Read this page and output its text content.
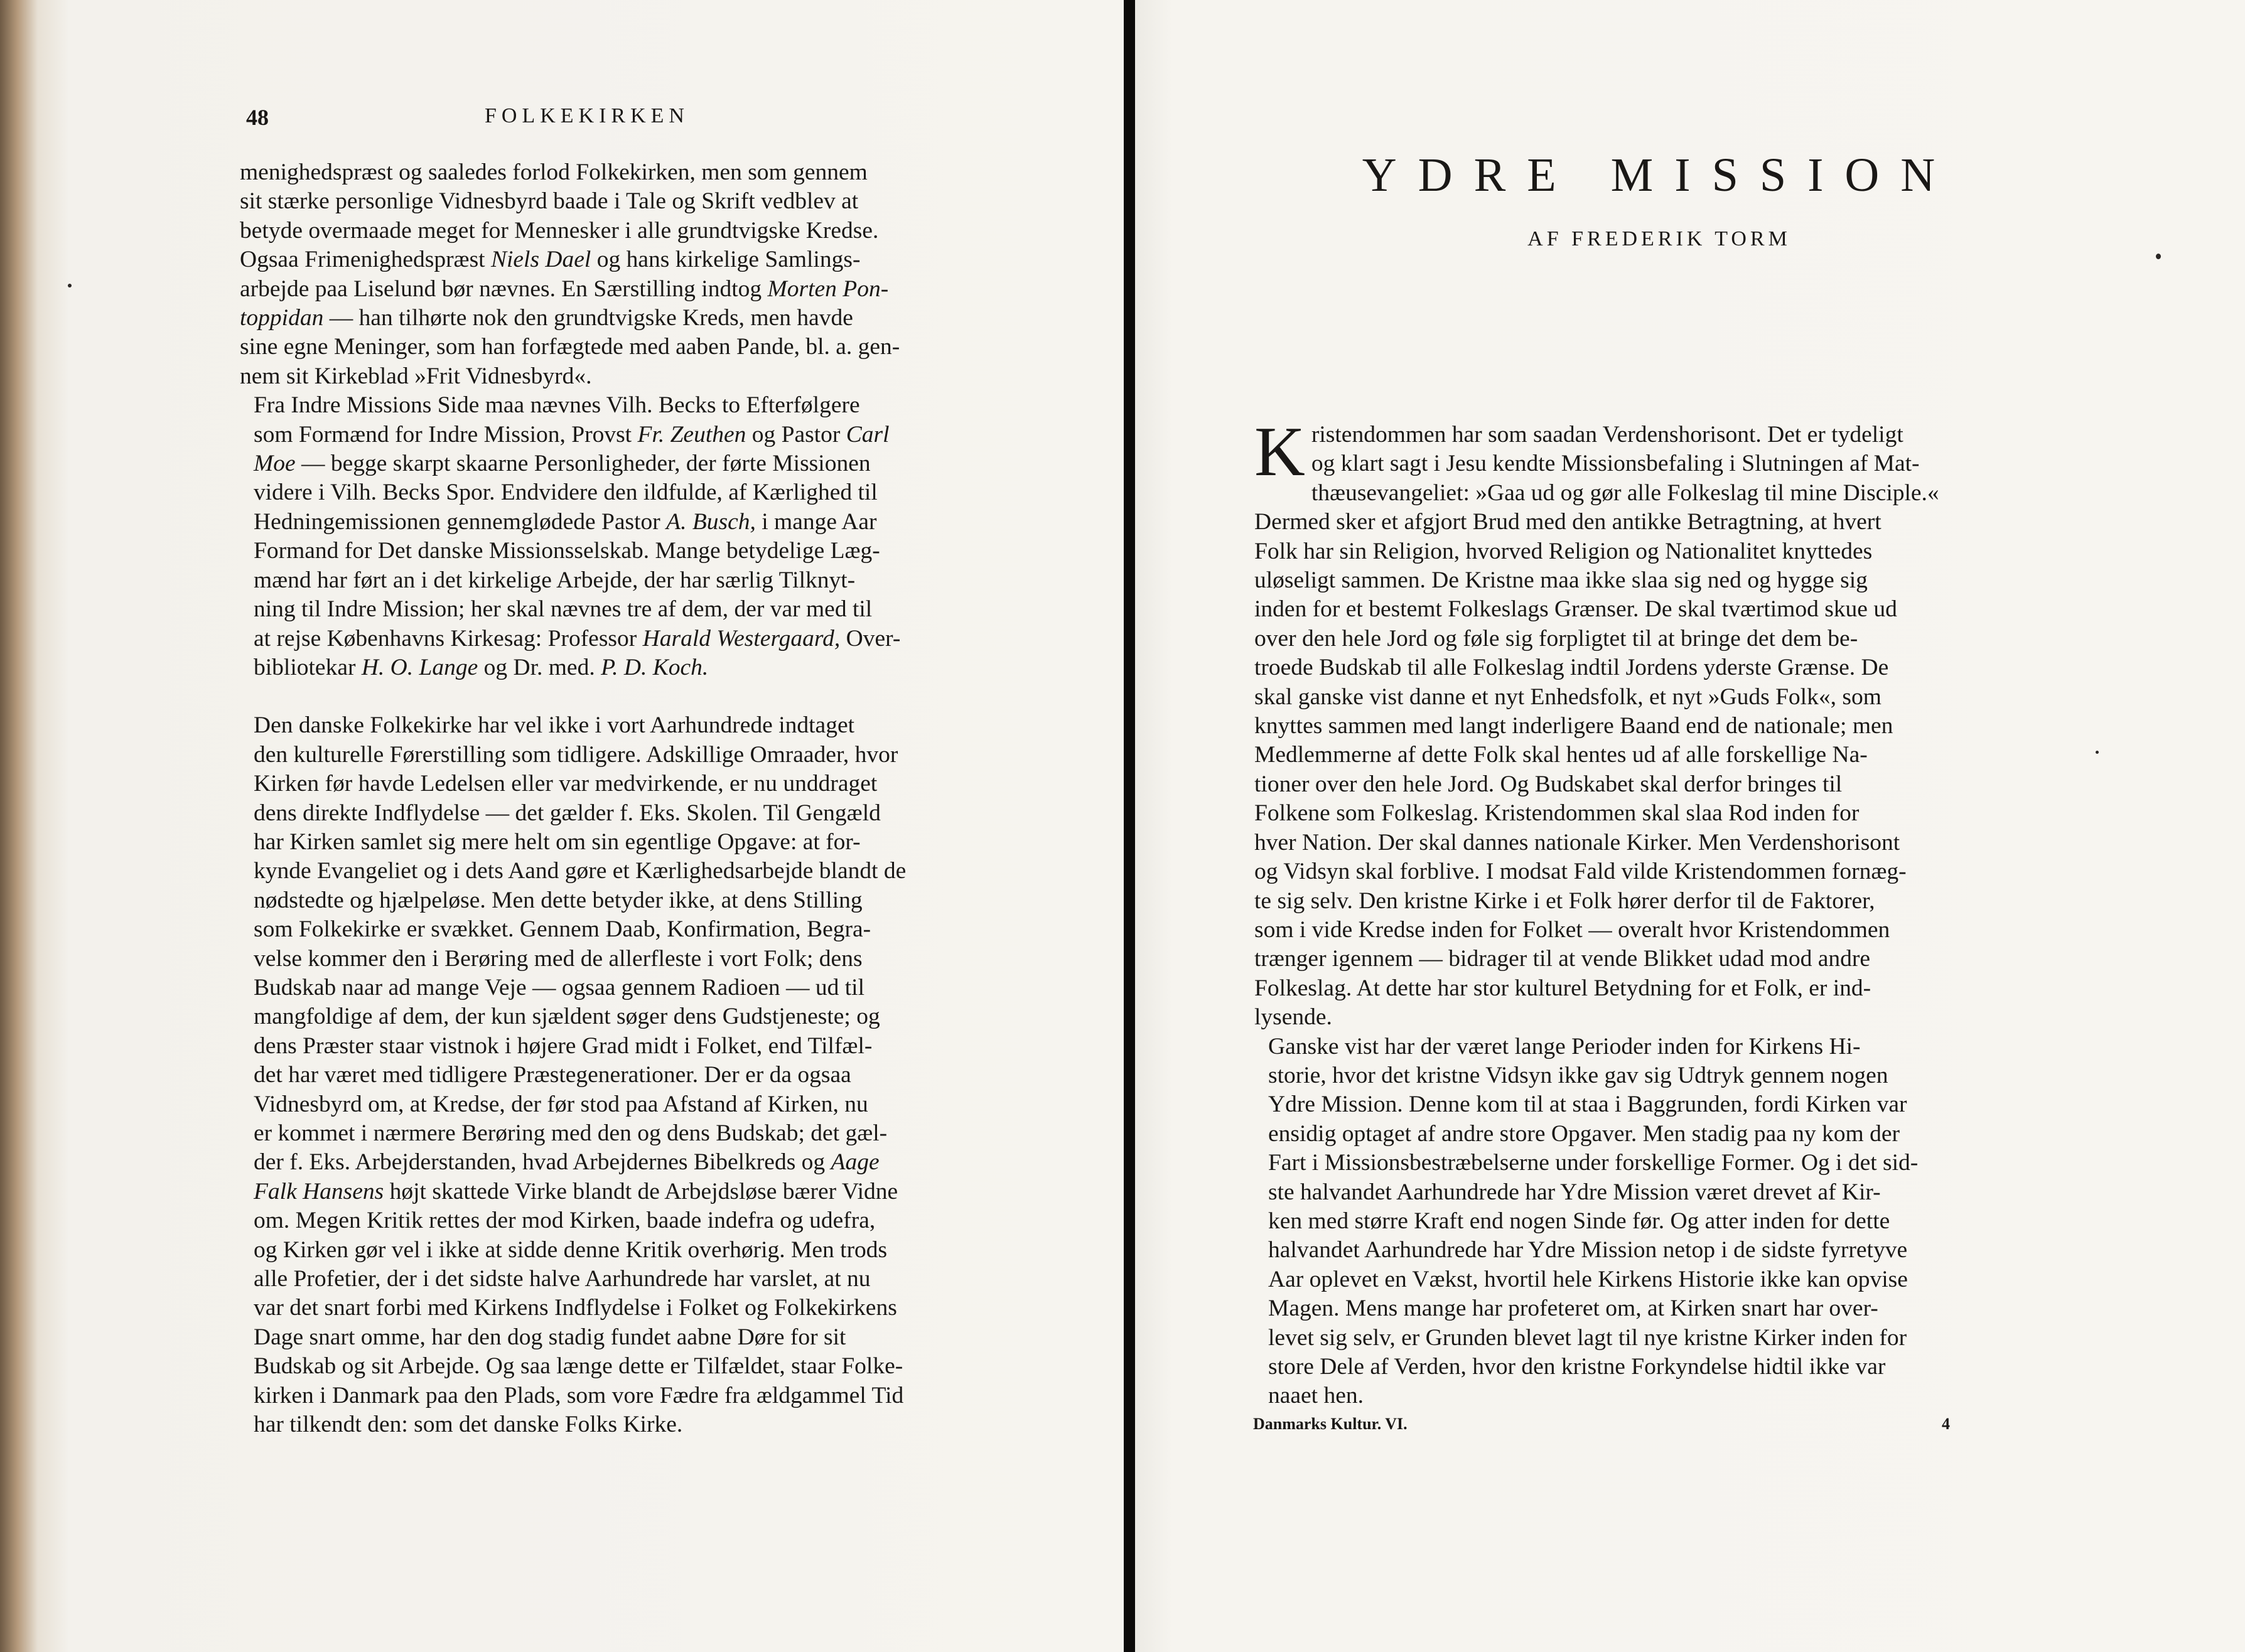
48	FOLKEKIRKEN

menighedspræst og saaledes forlod Folkekirken, men som gennem
sit stærke personlige Vidnesbyrd baade i Tale og Skrift vedblev at
betyde overmaade meget for Mennesker i alle grundtvigske Kredse.
Ogsaa Frimenighedspræst Niels Dael og hans kirkelige Samlings-
arbejde paa Liselund bør nævnes. En Særstilling indtog Morten Pon-
toppidan — han tilhørte nok den grundtvigske Kreds, men havde
sine egne Meninger, som han forfægtede med aaben Pande, bl. a. gen-
nem sit Kirkeblad »Frit Vidnesbyrd«.

Fra Indre Missions Side maa nævnes Vilh. Becks to Efterfølgere
som Formænd for Indre Mission, Provst Fr. Zeuthen og Pastor Carl
Moe — begge skarpt skaarne Personligheder, der førte Missionen
videre i Vilh. Becks Spor. Endvidere den ildfulde, af Kærlighed til
Hedningemissionen gennemglødede Pastor A. Busch, i mange Aar
Formand for Det danske Missionsselskab. Mange betydelige Læg-
mænd har ført an i det kirkelige Arbejde, der har særlig Tilknyt-
ning til Indre Mission; her skal nævnes tre af dem, der var med til
at rejse Københavns Kirkesag: Professor Harald Westergaard, Over-
bibliotekar H. O. Lange og Dr. med. P. D. Koch.

Den danske Folkekirke har vel ikke i vort Aarhundrede indtaget
den kulturelle Førerstilling som tidligere. Adskillige Omraader, hvor
Kirken før havde Ledelsen eller var medvirkende, er nu unddraget
dens direkte Indflydelse — det gælder f. Eks. Skolen. Til Gengæld
har Kirken samlet sig mere helt om sin egentlige Opgave: at for-
kynde Evangeliet og i dets Aand gøre et Kærlighedsarbejde blandt de
nødstedte og hjælpeløse. Men dette betyder ikke, at dens Stilling
som Folkekirke er svækket. Gennem Daab, Konfirmation, Begra-
velse kommer den i Berøring med de allerfleste i vort Folk; dens
Budskab naar ad mange Veje — ogsaa gennem Radioen — ud til
mangfoldige af dem, der kun sjældent søger dens Gudstjeneste; og
dens Præster staar vistnok i højere Grad midt i Folket, end Tilfæl-
det har været med tidligere Præstegenerationer. Der er da ogsaa
Vidnesbyrd om, at Kredse, der før stod paa Afstand af Kirken, nu
er kommet i nærmere Berøring med den og dens Budskab; det gæl-
der f. Eks. Arbejderstanden, hvad Arbejdernes Bibelkreds og Aage
Falk Hansens højt skattede Virke blandt de Arbejdsløse bærer Vidne
om. Megen Kritik rettes der mod Kirken, baade indefra og udefra,
og Kirken gør vel i ikke at sidde denne Kritik overhørig. Men trods
alle Profetier, der i det sidste halve Aarhundrede har varslet, at nu
var det snart forbi med Kirkens Indflydelse i Folket og Folkekirkens
Dage snart omme, har den dog stadig fundet aabne Døre for sit
Budskab og sit Arbejde. Og saa længe dette er Tilfældet, staar Folke-
kirken i Danmark paa den Plads, som vore Fædre fra ældgammel Tid
har tilkendt den: som det danske Folks Kirke.

YDRE MISSION
AF FREDERIK TORM

K ristendommen har som saadan Verdenshorisont. Det er tydeligt
og klart sagt i Jesu kendte Missionsbefaling i Slutningen af Mat-
thæusevangeliet: »Gaa ud og gør alle Folkeslag til mine Disciple.«
Dermed sker et afgjort Brud med den antikke Betragtning, at hvert
Folk har sin Religion, hvorved Religion og Nationalitet knyttedes
uløseligt sammen. De Kristne maa ikke slaa sig ned og hygge sig
inden for et bestemt Folkeslags Grænser. De skal tværtimod skue ud
over den hele Jord og føle sig forpligtet til at bringe det dem be-
troede Budskab til alle Folkeslag indtil Jordens yderste Grænse. De
skal ganske vist danne et nyt Enhedsfolk, et nyt »Guds Folk«, som
knyttes sammen med langt inderligere Baand end de nationale; men
Medlemmerne af dette Folk skal hentes ud af alle forskellige Na-
tioner over den hele Jord. Og Budskabet skal derfor bringes til
Folkene som Folkeslag. Kristendommen skal slaa Rod inden for
hver Nation. Der skal dannes nationale Kirker. Men Verdenshorisont
og Vidsyn skal forblive. I modsat Fald vilde Kristendommen fornæg-
te sig selv. Den kristne Kirke i et Folk hører derfor til de Faktorer,
som i vide Kredse inden for Folket — overalt hvor Kristendommen
trænger igennem — bidrager til at vende Blikket udad mod andre
Folkeslag. At dette har stor kulturel Betydning for et Folk, er ind-
lysende.

Ganske vist har der været lange Perioder inden for Kirkens Hi-
storie, hvor det kristne Vidsyn ikke gav sig Udtryk gennem nogen
Ydre Mission. Denne kom til at staa i Baggrunden, fordi Kirken var
ensidig optaget af andre store Opgaver. Men stadig paa ny kom der
Fart i Missionsbestræbelserne under forskellige Former. Og i det sid-
ste halvandet Aarhundrede har Ydre Mission været drevet af Kir-
ken med større Kraft end nogen Sinde før. Og atter inden for dette
halvandet Aarhundrede har Ydre Mission netop i de sidste fyrretyve
Aar oplevet en Vækst, hvortil hele Kirkens Historie ikke kan opvise
Magen. Mens mange har profeteret om, at Kirken snart har over-
levet sig selv, er Grunden blevet lagt til nye kristne Kirker inden for
store Dele af Verden, hvor den kristne Forkyndelse hidtil ikke var
naaet hen.

Danmarks Kultur. VI.	4
